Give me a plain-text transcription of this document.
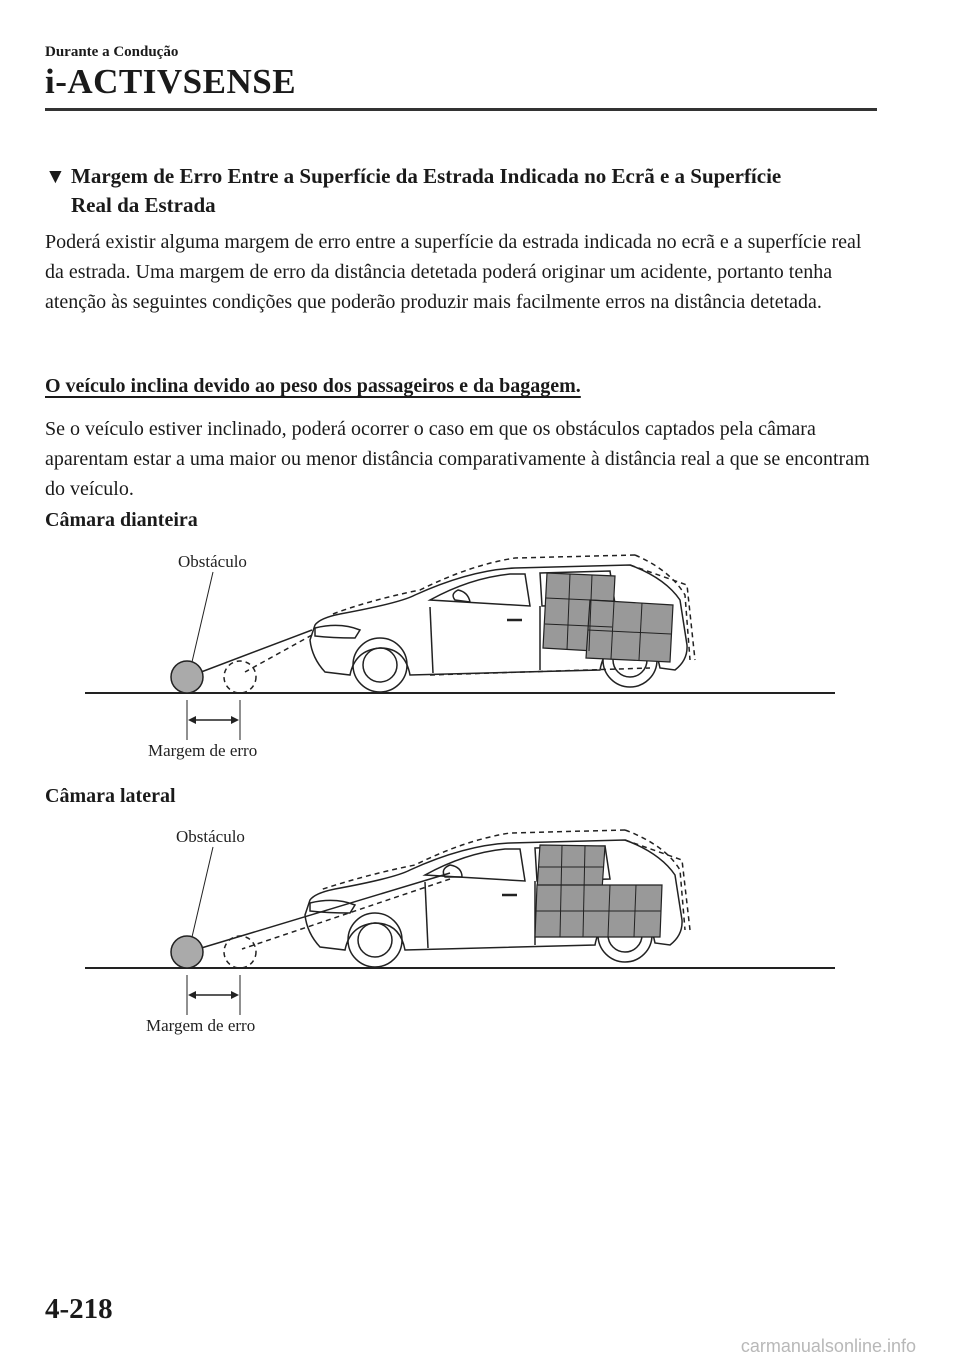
Durante a Condução
i-ACTIVSENSE
▼ Margem de Erro Entre a Superfície da Estrada Indicada no Ecrã e a Superfície
Real da Estrada
Poderá existir alguma margem de erro entre a superfície da estrada indicada no ecrã e a superfície real da estrada. Uma margem de erro da distância detetada poderá originar um acidente, portanto tenha atenção às seguintes condições que poderão produzir mais facilmente erros na distância detetada.
O veículo inclina devido ao peso dos passageiros e da bagagem.
Se o veículo estiver inclinado, poderá ocorrer o caso em que os obstáculos captados pela câmara aparentam estar a uma maior ou menor distância comparativamente à distância real a que se encontram do veículo.
Câmara dianteira
Obstáculo
Margem de erro
Câmara lateral
Obstáculo
Margem de erro
4-218
carmanualsonline.info
